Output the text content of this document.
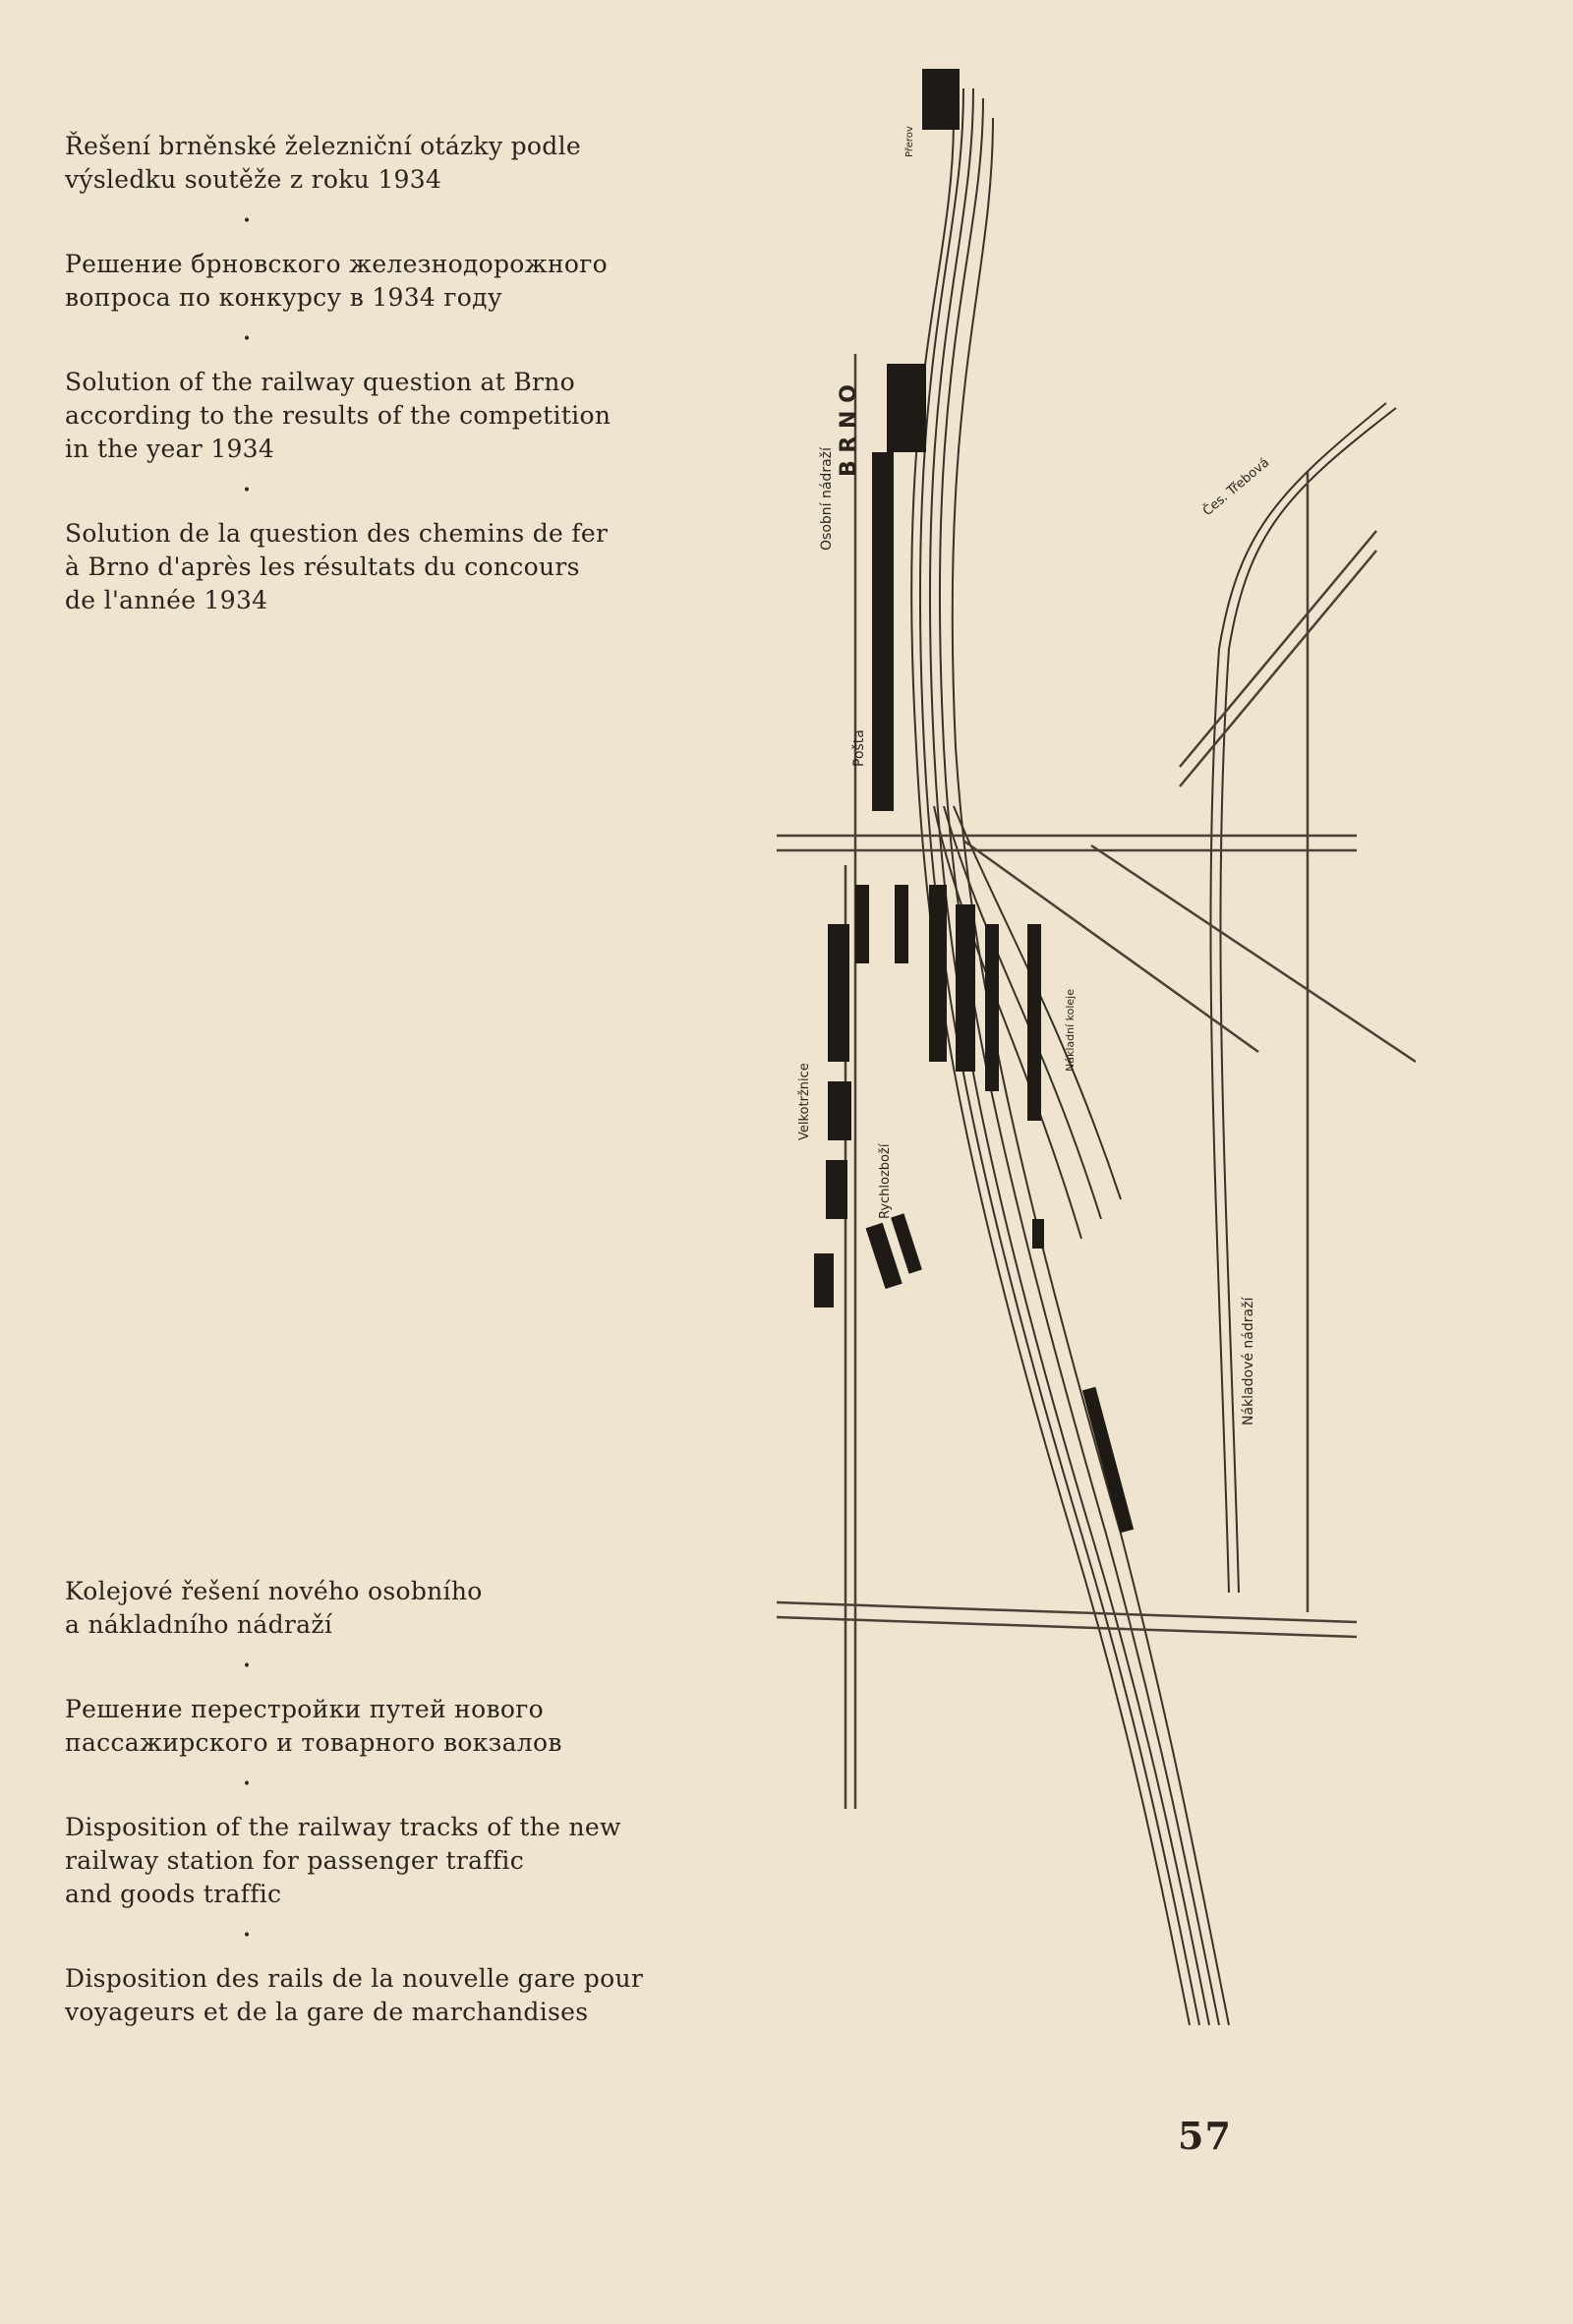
Řešení brněnské železniční otázky podle
výsledku soutěže z roku 1934

•

Решение брновского железнодорожного
вопроса по конкурсу в 1934 году

•

Solution of the railway question at Brno
according to the results of the competition
in the year 1934

•

Solution de la question des chemins de fer
à Brno d'après les résultats du concours
de l'année 1934

Kolejové řešení nového osobního
a nákladního nádraží

•

Решение перестройки путей нового
пассажирского и товарного вокзалов

•

Disposition of the railway tracks of the new
railway station for passenger traffic
and goods traffic

•

Disposition des rails de la nouvelle gare pour
voyageurs et de la gare de marchandises

B R N O
Osobní nádraží
Pošta
Velkotržnice
Rychlozboží
Nákladové nádraží
Čes. Třebová
Přerov
Nákladní koleje
57
